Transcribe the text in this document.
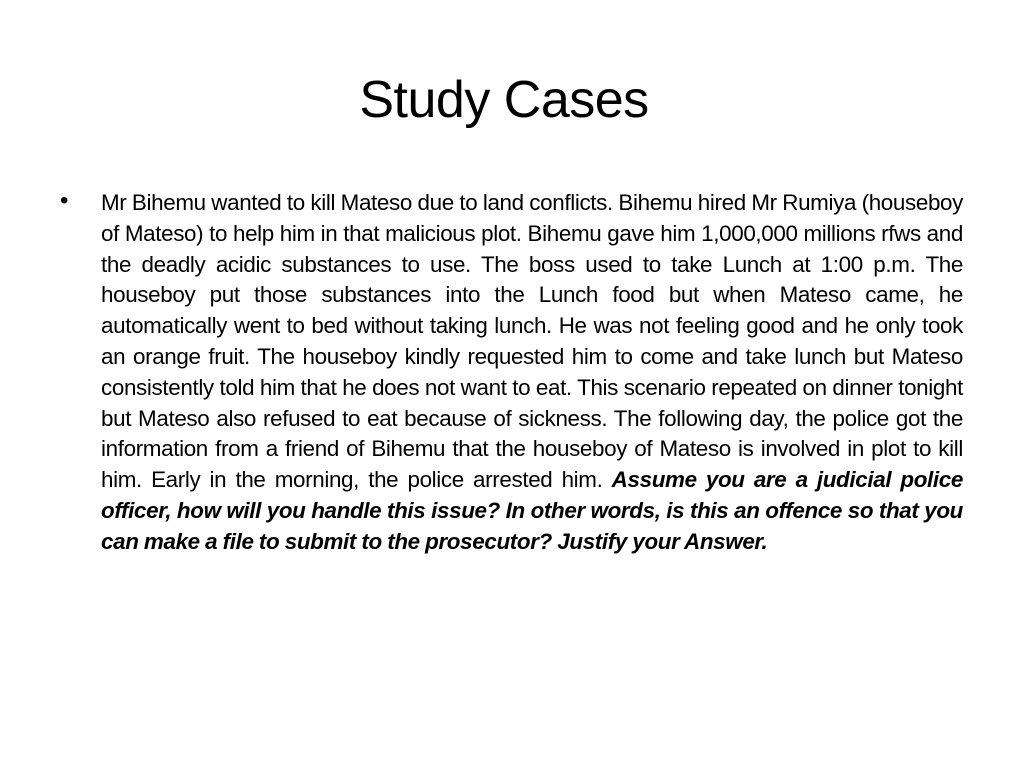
Study Cases
• Mr Bihemu wanted to kill Mateso due to land conflicts. Bihemu hired Mr Rumiya (houseboy of Mateso) to help him in that malicious plot. Bihemu gave him 1,000,000 millions rfws and the deadly acidic substances to use. The boss used to take Lunch at 1:00 p.m. The houseboy put those substances into the Lunch food but when Mateso came, he automatically went to bed without taking lunch. He was not feeling good and he only took an orange fruit. The houseboy kindly requested him to come and take lunch but Mateso consistently told him that he does not want to eat. This scenario repeated on dinner tonight but Mateso also refused to eat because of sickness. The following day, the police got the information from a friend of Bihemu that the houseboy of Mateso is involved in plot to kill him. Early in the morning, the police arrested him. Assume you are a judicial police officer, how will you handle this issue? In other words, is this an offence so that you can make a file to submit to the prosecutor? Justify your Answer.
